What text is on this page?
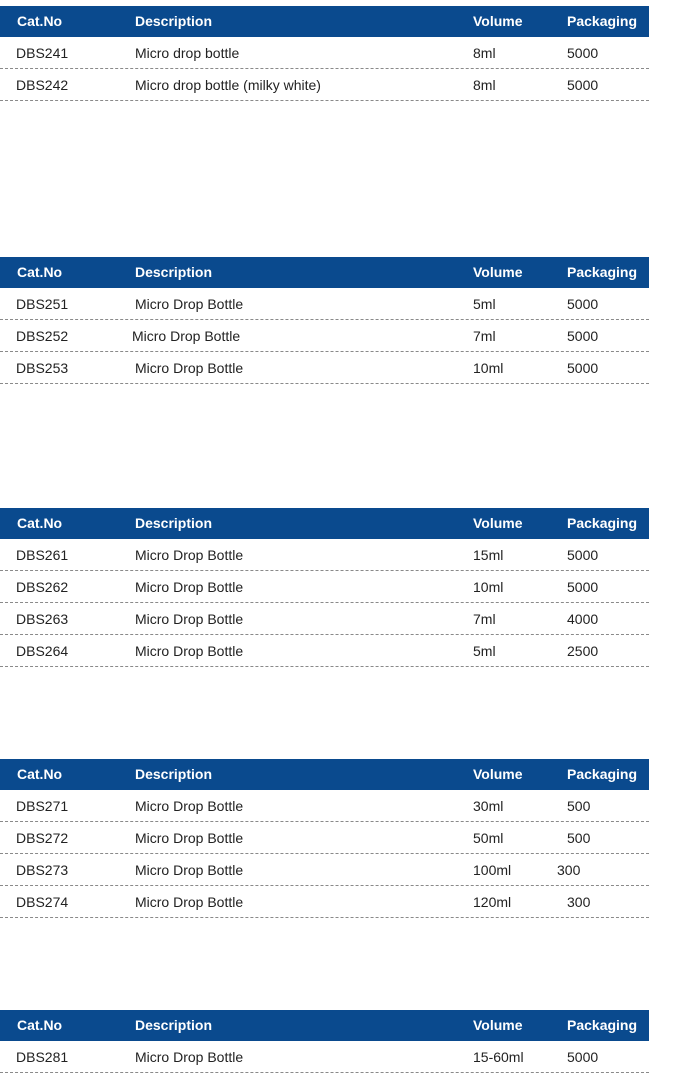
Cat.No	Description	Volume	Packaging
DBS241	Micro drop bottle	8ml	5000
DBS242	Micro drop bottle (milky white)	8ml	5000
Cat.No	Description	Volume	Packaging
DBS251	Micro Drop Bottle	5ml	5000
DBS252	Micro Drop Bottle	7ml	5000
DBS253	Micro Drop Bottle	10ml	5000
Cat.No	Description	Volume	Packaging
DBS261	Micro Drop Bottle	15ml	5000
DBS262	Micro Drop Bottle	10ml	5000
DBS263	Micro Drop Bottle	7ml	4000
DBS264	Micro Drop Bottle	5ml	2500
Cat.No	Description	Volume	Packaging
DBS271	Micro Drop Bottle	30ml	500
DBS272	Micro Drop Bottle	50ml	500
DBS273	Micro Drop Bottle	100ml	300
DBS274	Micro Drop Bottle	120ml	300
Cat.No	Description	Volume	Packaging
DBS281	Micro Drop Bottle	15-60ml	5000
